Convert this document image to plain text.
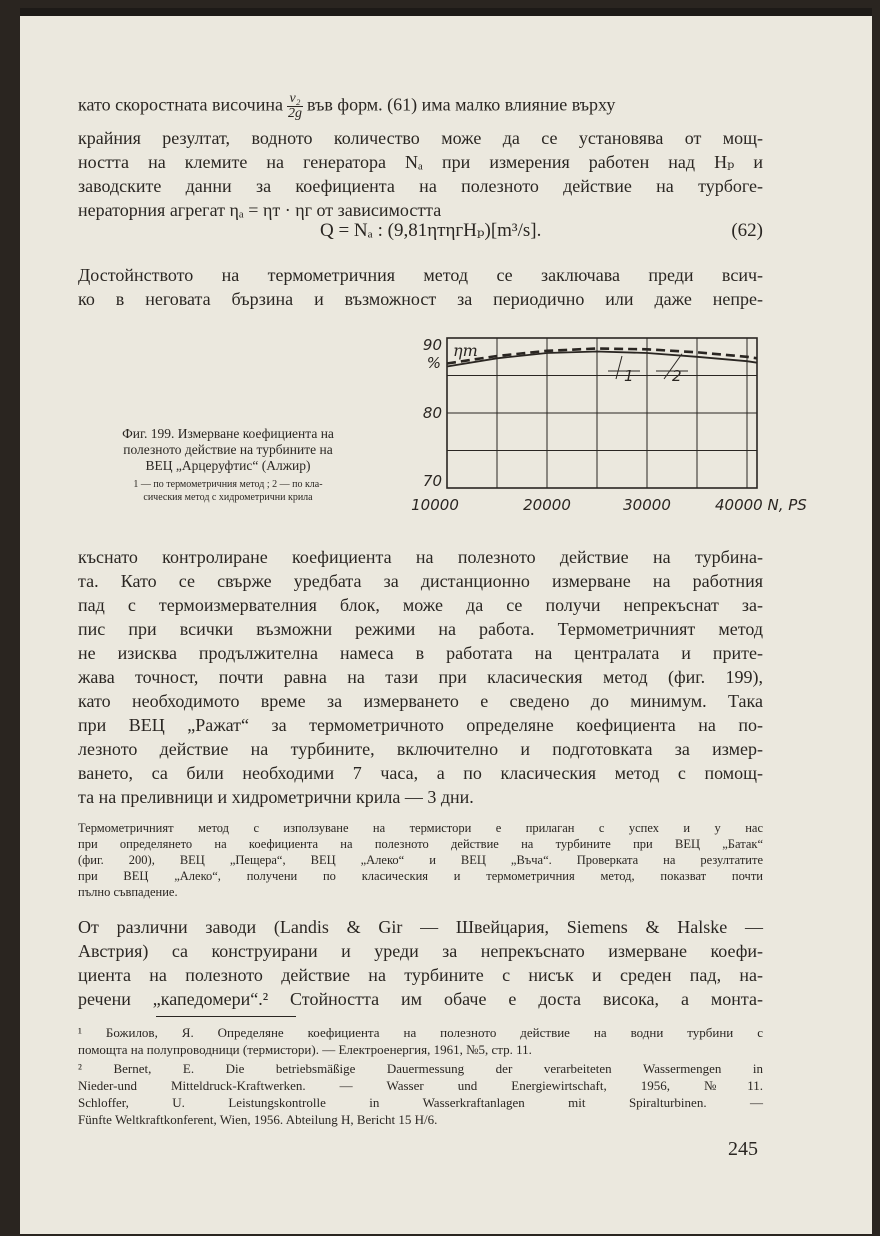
като скоростната височина $\frac{\text{v₂}}{2g}$ във форм. (61) има малко влияние върху
крайния резултат, водното количество може да се установява от мощ-
ността на клемите на генератора Nₐ при измерения работен над Hₚ и
заводските данни за коефициента на полезното действие на турбоге-
нераторния агрегат ηₐ = ηт · ηг от зависимостта
Q = Nₐ : (9,81ηтηгHₚ)[m³/s].	(62)
Достойнството на термометричния метод се заключава преди всич-
ко в неговата бързина и възможност за периодично или даже непре-
Фиг. 199. Измерване коефициента на
полезното действие на турбините на
ВЕЦ „Арцеруфтис“ (Алжир)
1 — по термометричния метод ; 2 — по кла-
сическия метод с хидрометрични крила
90
80
70
%
ηт
10000	20000	30000	40000 N, PS
1	2
къснато контролиране коефициента на полезното действие на турбина-
та. Като се свърже уредбата за дистанционно измерване на работния
пад с термоизмервателния блок, може да се получи непрекъснат за-
пис при всички възможни режими на работа. Термометричният метод
не изисква продължителна намеса в работата на централата и прите-
жава точност, почти равна на тази при класическия метод (фиг. 199),
като необходимото време за измерването е сведено до минимум. Така
при ВЕЦ „Ражат“ за термометричното определяне коефициента на по-
лезното действие на турбините, включително и подготовката за измер-
ването, са били необходими 7 часа, а по класическия метод с помощ-
та на преливници и хидрометрични крила — 3 дни.
Термометричният метод с използуване на термистори е прилаган с успех и у нас
при определянето на коефициента на полезното действие на турбините при ВЕЦ „Батак“
(фиг. 200), ВЕЦ „Пещера“, ВЕЦ „Алеко“ и ВЕЦ „Въча“. Проверката на резултатите
при ВЕЦ „Алеко“, получени по класическия и термометричния метод, показват почти
пълно съвпадение.
От различни заводи (Landis & Gir — Швейцария, Siemens & Halske —
Австрия) са конструирани и уреди за непрекъснато измерване коефи-
циента на полезното действие на турбините с нисък и среден пад, на-
речени „капедомери“.² Стойността им обаче е доста висока, а монта-
¹ Божилов, Я. Определяне коефициента на полезното действие на водни турбини с
помощта на полупроводници (термистори). — Електроенергия, 1961, №5, стр. 11.
² Bernet, E. Die betriebsmäßige Dauermessung der verarbeiteten Wassermengen in
Nieder-und Mitteldruck-Kraftwerken. — Wasser und Energiewirtschaft, 1956, №11.
Schloffer, U. Leistungskontrolle in Wasserkraftanlagen mit Spiralturbinen. —
Fünfte Weltkraftkonferent, Wien, 1956. Abteilung H, Bericht 15 H/6.
245
